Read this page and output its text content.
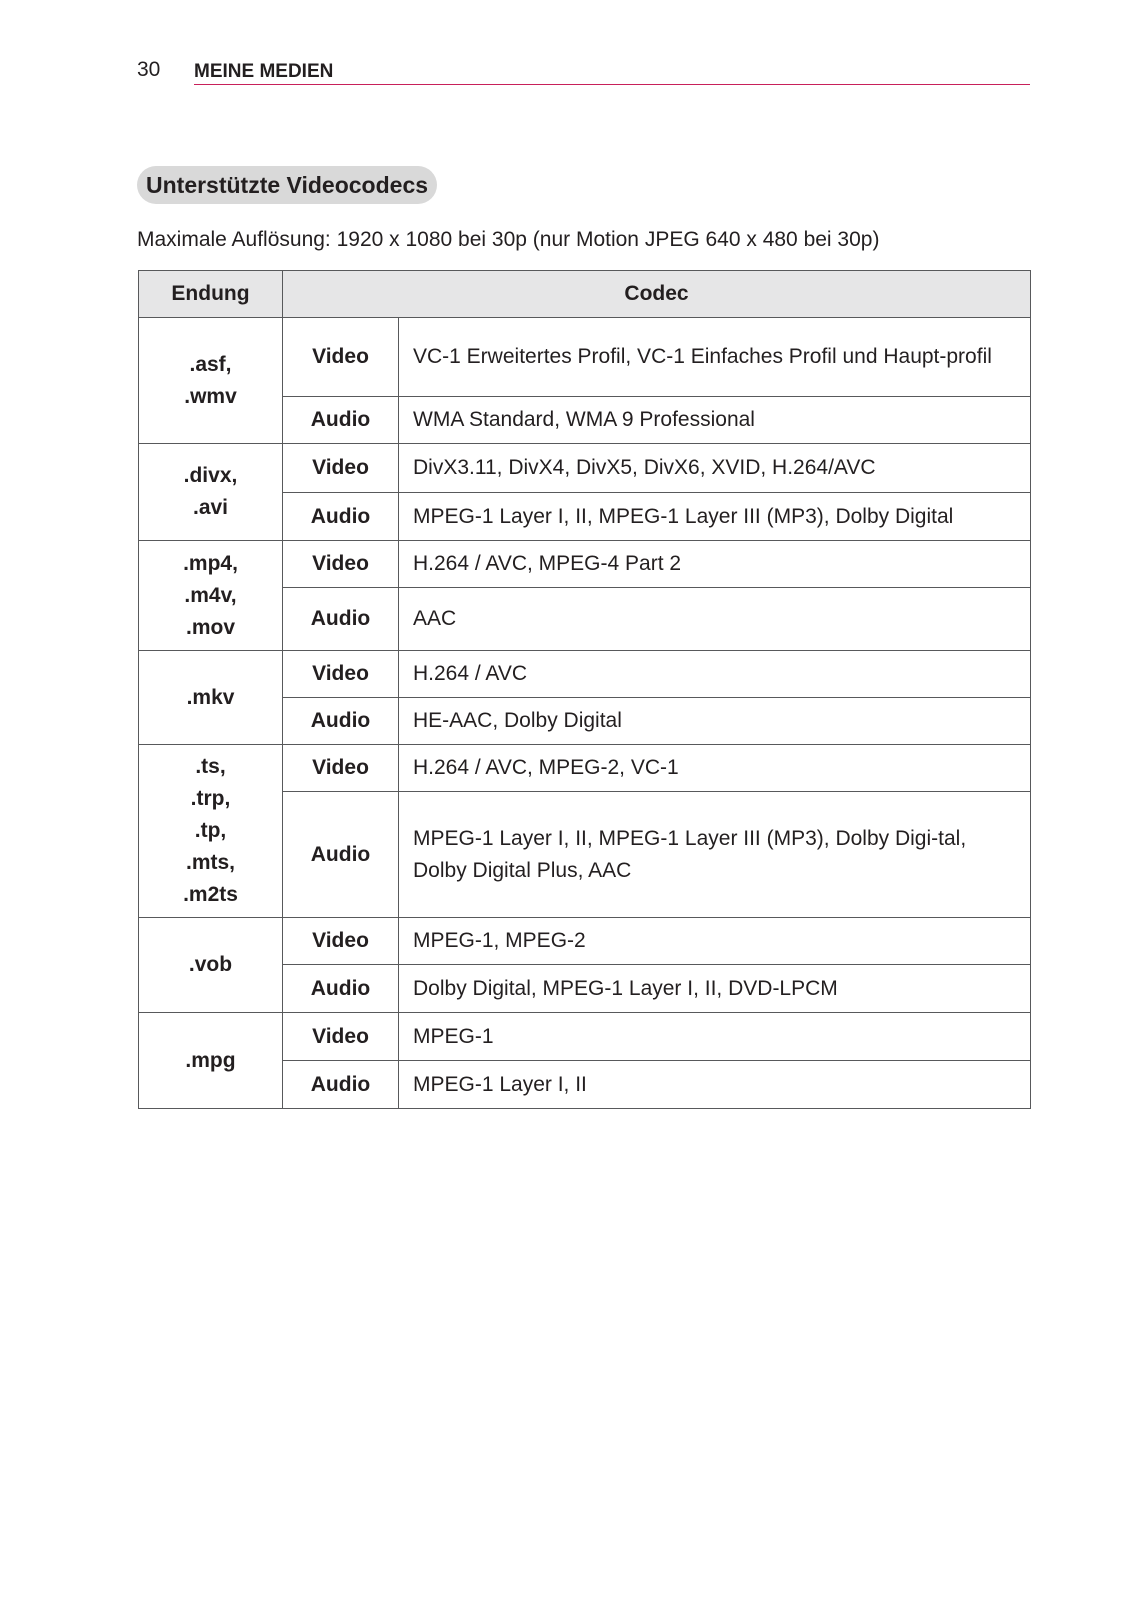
30 MEINE MEDIEN
Unterstützte Videocodecs
Maximale Auflösung: 1920 x 1080 bei 30p (nur Motion JPEG 640 x 480 bei 30p)
Endung	Codec	

.asf,
.wmv	Video	VC-1 Erweitertes Profil, VC-1 Einfaches Profil und Haupt-profil
	Audio	WMA Standard, WMA 9 Professional

.divx,
.avi	Video	DivX3.11, DivX4, DivX5, DivX6, XVID, H.264/AVC
	Audio	MPEG-1 Layer I, II, MPEG-1 Layer III (MP3), Dolby Digital

.mp4,
.m4v,
.mov	Video	H.264 / AVC, MPEG-4 Part 2
	Audio	AAC

.mkv	Video	H.264 / AVC
	Audio	HE-AAC, Dolby Digital

.ts,
.trp,
.tp,
.mts,
.m2ts	Video	H.264 / AVC, MPEG-2, VC-1
	Audio	MPEG-1 Layer I, II, MPEG-1 Layer III (MP3), Dolby Digi-tal, Dolby Digital Plus, AAC

.vob	Video	MPEG-1, MPEG-2
	Audio	Dolby Digital, MPEG-1 Layer I, II, DVD-LPCM

.mpg	Video	MPEG-1
	Audio	MPEG-1 Layer I, II
